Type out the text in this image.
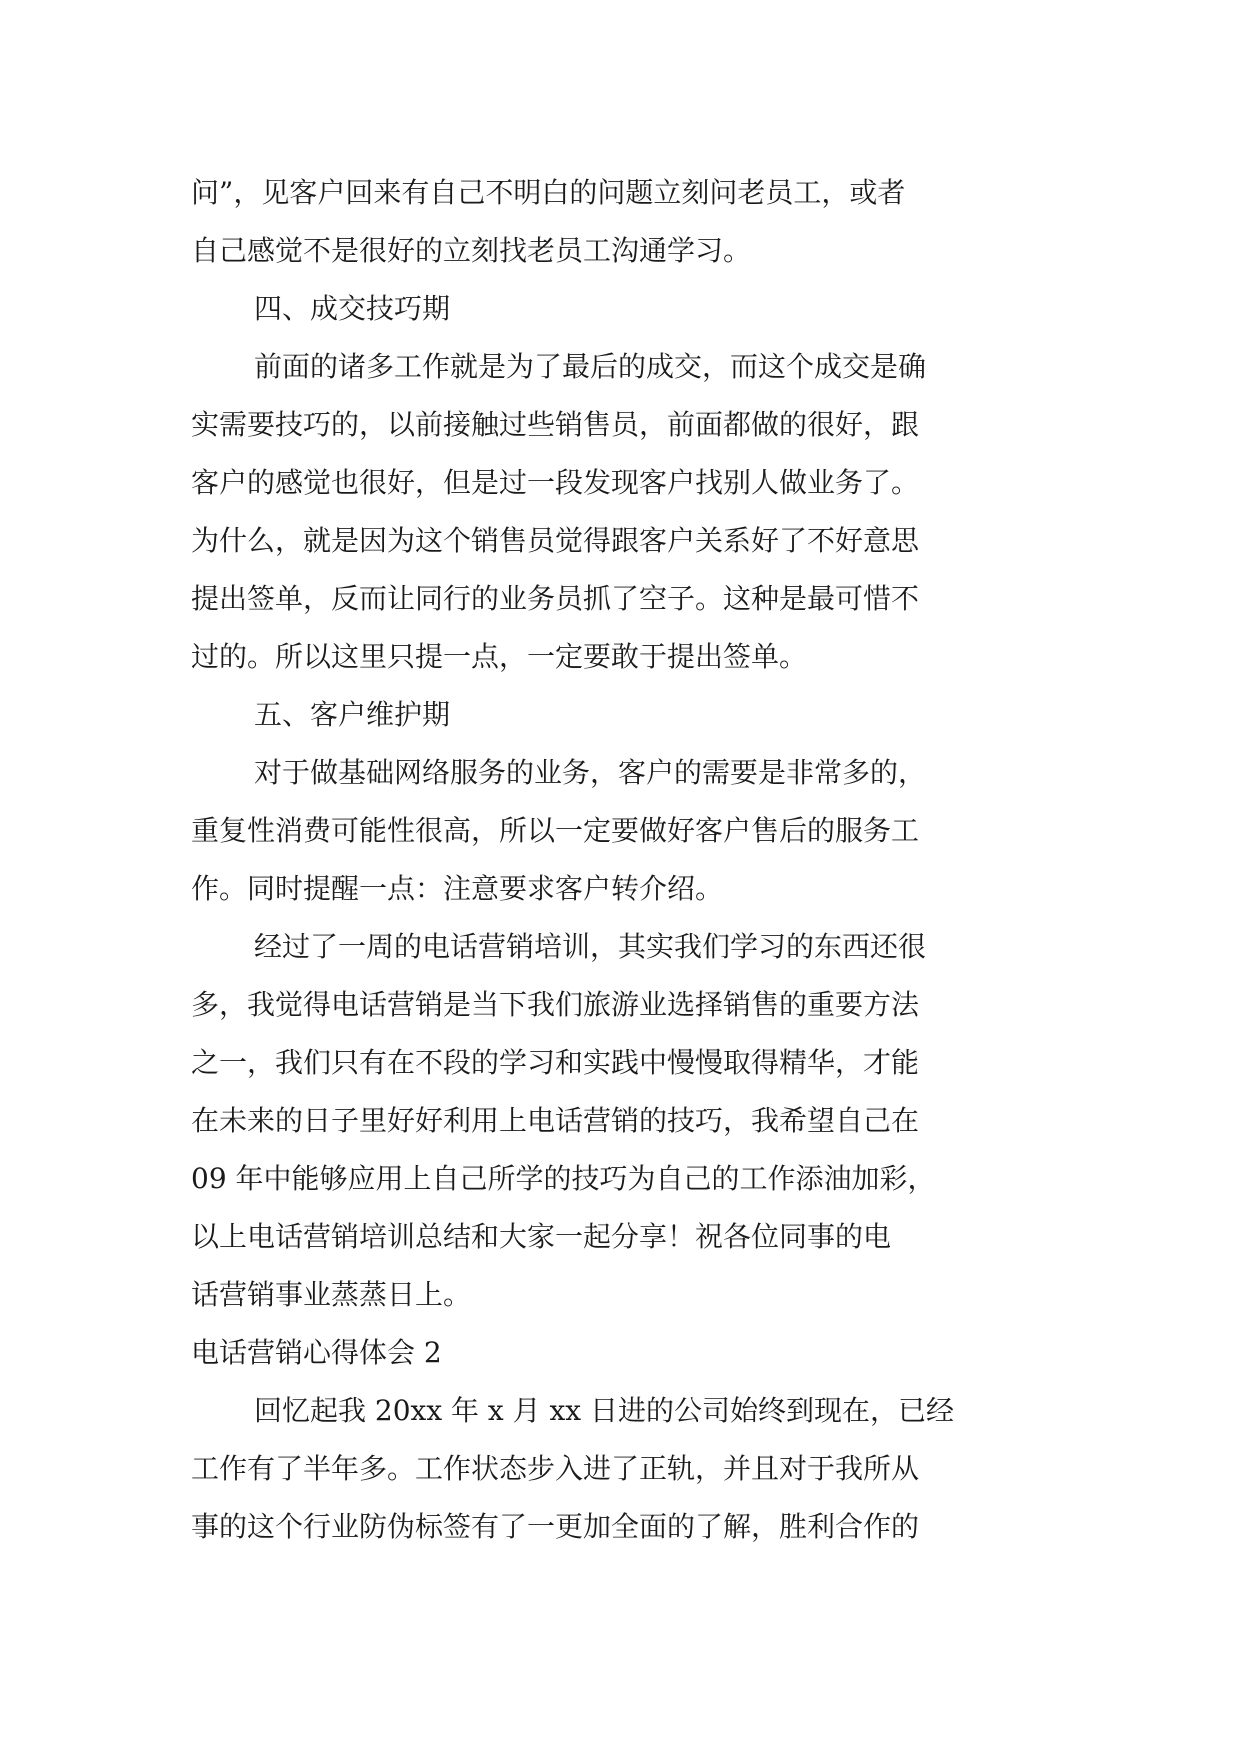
问”，见客户回来有自己不明白的问题立刻问老员工，或者
自己感觉不是很好的立刻找老员工沟通学习。
四、成交技巧期
前面的诸多工作就是为了最后的成交，而这个成交是确
实需要技巧的，以前接触过些销售员，前面都做的很好，跟
客户的感觉也很好，但是过一段发现客户找别人做业务了。
为什么，就是因为这个销售员觉得跟客户关系好了不好意思
提出签单，反而让同行的业务员抓了空子。这种是最可惜不
过的。所以这里只提一点，一定要敢于提出签单。
五、客户维护期
对于做基础网络服务的业务，客户的需要是非常多的，
重复性消费可能性很高，所以一定要做好客户售后的服务工
作。同时提醒一点：注意要求客户转介绍。
经过了一周的电话营销培训，其实我们学习的东西还很
多，我觉得电话营销是当下我们旅游业选择销售的重要方法
之一，我们只有在不段的学习和实践中慢慢取得精华，才能
在未来的日子里好好利用上电话营销的技巧，我希望自己在
09 年中能够应用上自己所学的技巧为自己的工作添油加彩，
以上电话营销培训总结和大家一起分享！祝各位同事的电
话营销事业蒸蒸日上。
电话营销心得体会 2
回忆起我 20xx 年 x 月 xx 日进的公司始终到现在，已经
工作有了半年多。工作状态步入进了正轨，并且对于我所从
事的这个行业防伪标签有了一更加全面的了解，胜利合作的
